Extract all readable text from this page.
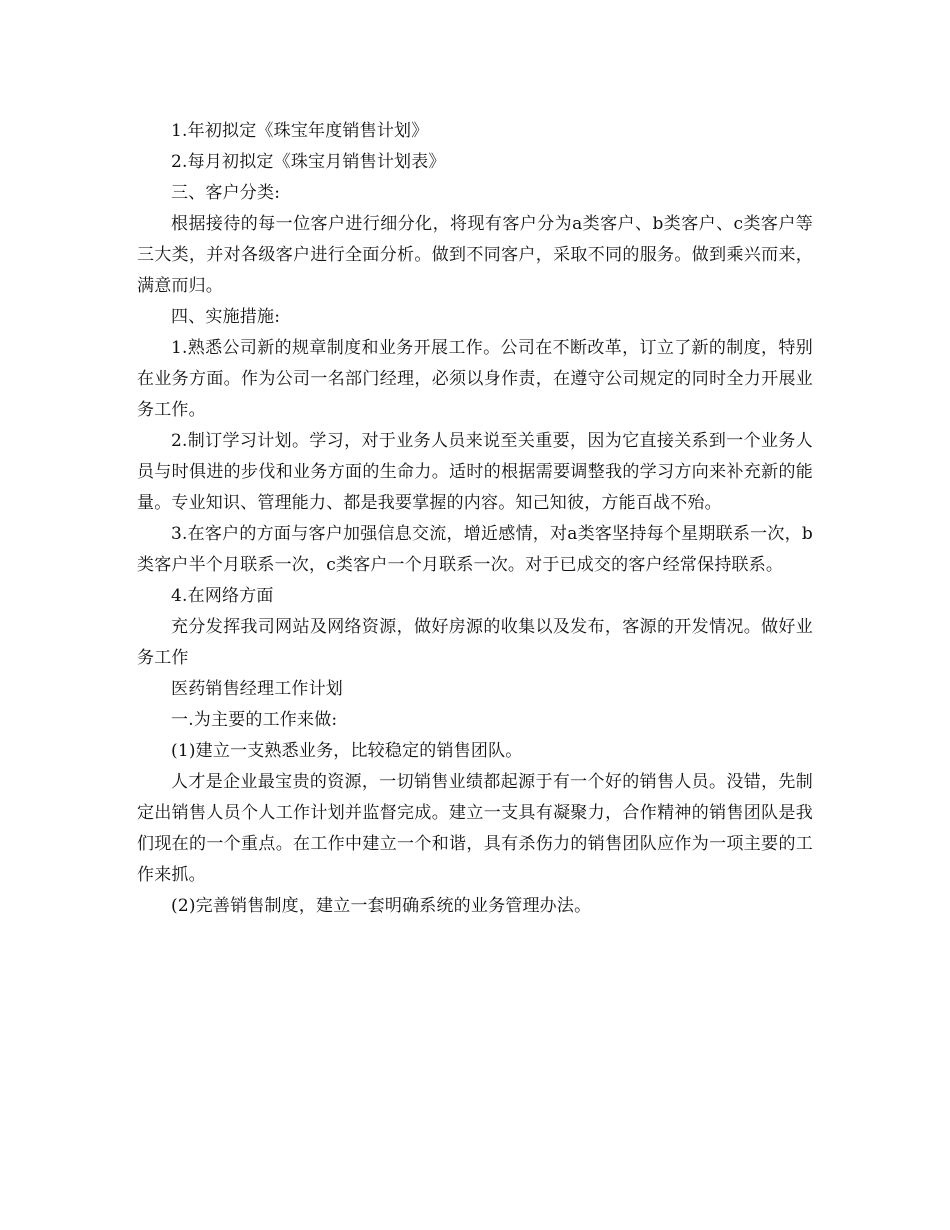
1.年初拟定《珠宝年度销售计划》

2.每月初拟定《珠宝月销售计划表》

三、客户分类:

根据接待的每一位客户进行细分化，将现有客户分为a类客户、b类客户、c类客户等三大类，并对各级客户进行全面分析。做到不同客户，采取不同的服务。做到乘兴而来，满意而归。

四、实施措施:

1.熟悉公司新的规章制度和业务开展工作。公司在不断改革，订立了新的制度，特别在业务方面。作为公司一名部门经理，必须以身作责，在遵守公司规定的同时全力开展业务工作。

2.制订学习计划。学习，对于业务人员来说至关重要，因为它直接关系到一个业务人员与时俱进的步伐和业务方面的生命力。适时的根据需要调整我的学习方向来补充新的能量。专业知识、管理能力、都是我要掌握的内容。知己知彼，方能百战不殆。

3.在客户的方面与客户加强信息交流，增近感情，对a类客坚持每个星期联系一次，b类客户半个月联系一次，c类客户一个月联系一次。对于已成交的客户经常保持联系。

4.在网络方面

充分发挥我司网站及网络资源，做好房源的收集以及发布，客源的开发情况。做好业务工作

医药销售经理工作计划

一.为主要的工作来做:

(1)建立一支熟悉业务，比较稳定的销售团队。

人才是企业最宝贵的资源，一切销售业绩都起源于有一个好的销售人员。没错，先制定出销售人员个人工作计划并监督完成。建立一支具有凝聚力，合作精神的销售团队是我们现在的一个重点。在工作中建立一个和谐，具有杀伤力的销售团队应作为一项主要的工作来抓。

(2)完善销售制度，建立一套明确系统的业务管理办法。
